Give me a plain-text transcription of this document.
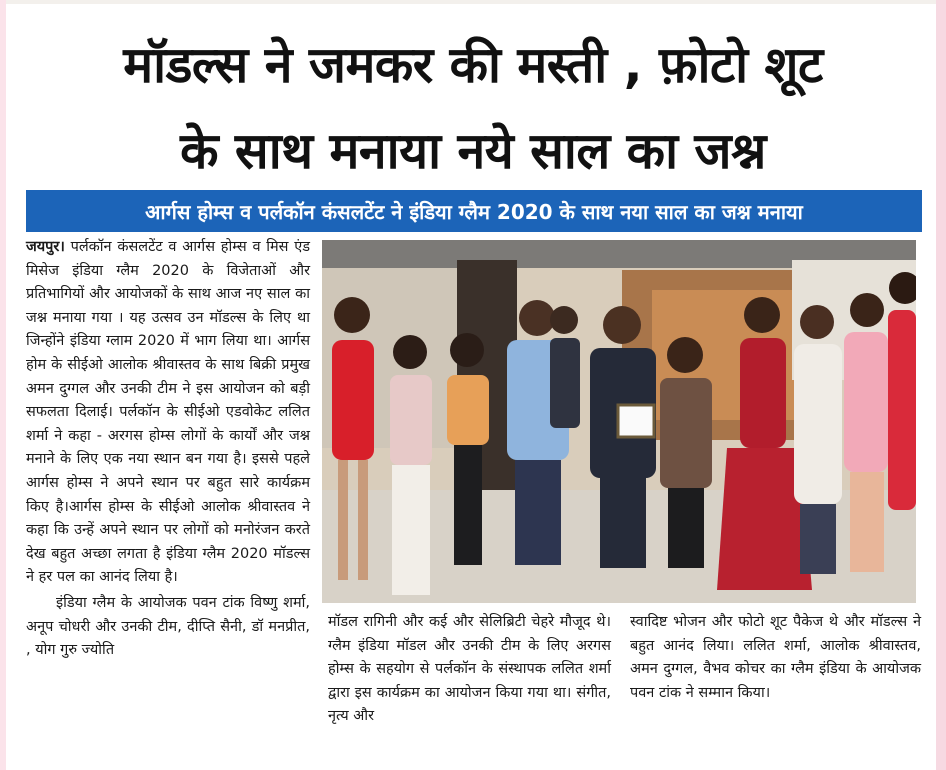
मॉडल्स ने जमकर की मस्ती , फ़ोटो शूट
के साथ मनाया नये साल का जश्न
आर्गस होम्स व पर्लकॉन कंसलटेंट ने इंडिया ग्लैम 2020 के साथ नया साल का जश्न मनाया
जयपुर। पर्लकॉन कंसलटेंट व आर्गस होम्स व मिस एंड मिसेज इंडिया ग्लैम 2020 के विजेताओं और प्रतिभागियों और आयोजकों के साथ आज नए साल का जश्न मनाया गया । यह उत्सव उन मॉडल्स के लिए था जिन्होंने इंडिया ग्लाम 2020 में भाग लिया था। आर्गस होम के सीईओ आलोक श्रीवास्तव के साथ बिक्री प्रमुख अमन दुग्गल और उनकी टीम ने इस आयोजन को बड़ी सफलता दिलाई। पर्लकॉन के सीईओ एडवोकेट ललित शर्मा ने कहा - अरगस होम्स लोगों के कार्यों और जश्न मनाने के लिए एक नया स्थान बन गया है। इससे पहले आर्गस होम्स ने अपने स्थान पर बहुत सारे कार्यक्रम किए है।आर्गस होम्स के सीईओ आलोक श्रीवास्तव ने कहा कि उन्हें अपने स्थान पर लोगों को मनोरंजन करते देख बहुत अच्छा लगता है इंडिया ग्लैम 2020 मॉडल्स ने हर पल का आनंद लिया है।
इंडिया ग्लैम के आयोजक पवन टांक विष्णु शर्मा, अनूप चोधरी और उनकी टीम, दीप्ति सैनी, डॉ मनप्रीत, , योग गुरु ज्योति
मॉडल रागिनी और कई और सेलिब्रिटी चेहरे मौजूद थे।ग्लैम इंडिया मॉडल और उनकी टीम के लिए अरगस होम्स के सहयोग से पर्लकॉन के संस्थापक ललित शर्मा द्वारा इस कार्यक्रम का आयोजन किया गया था। संगीत, नृत्य और
स्वादिष्ट भोजन और फोटो शूट पैकेज थे और मॉडल्स ने बहुत आनंद लिया। ललित शर्मा, आलोक श्रीवास्तव, अमन दुग्गल, वैभव कोचर का ग्लैम इंडिया के आयोजक पवन टांक ने सम्मान किया।
